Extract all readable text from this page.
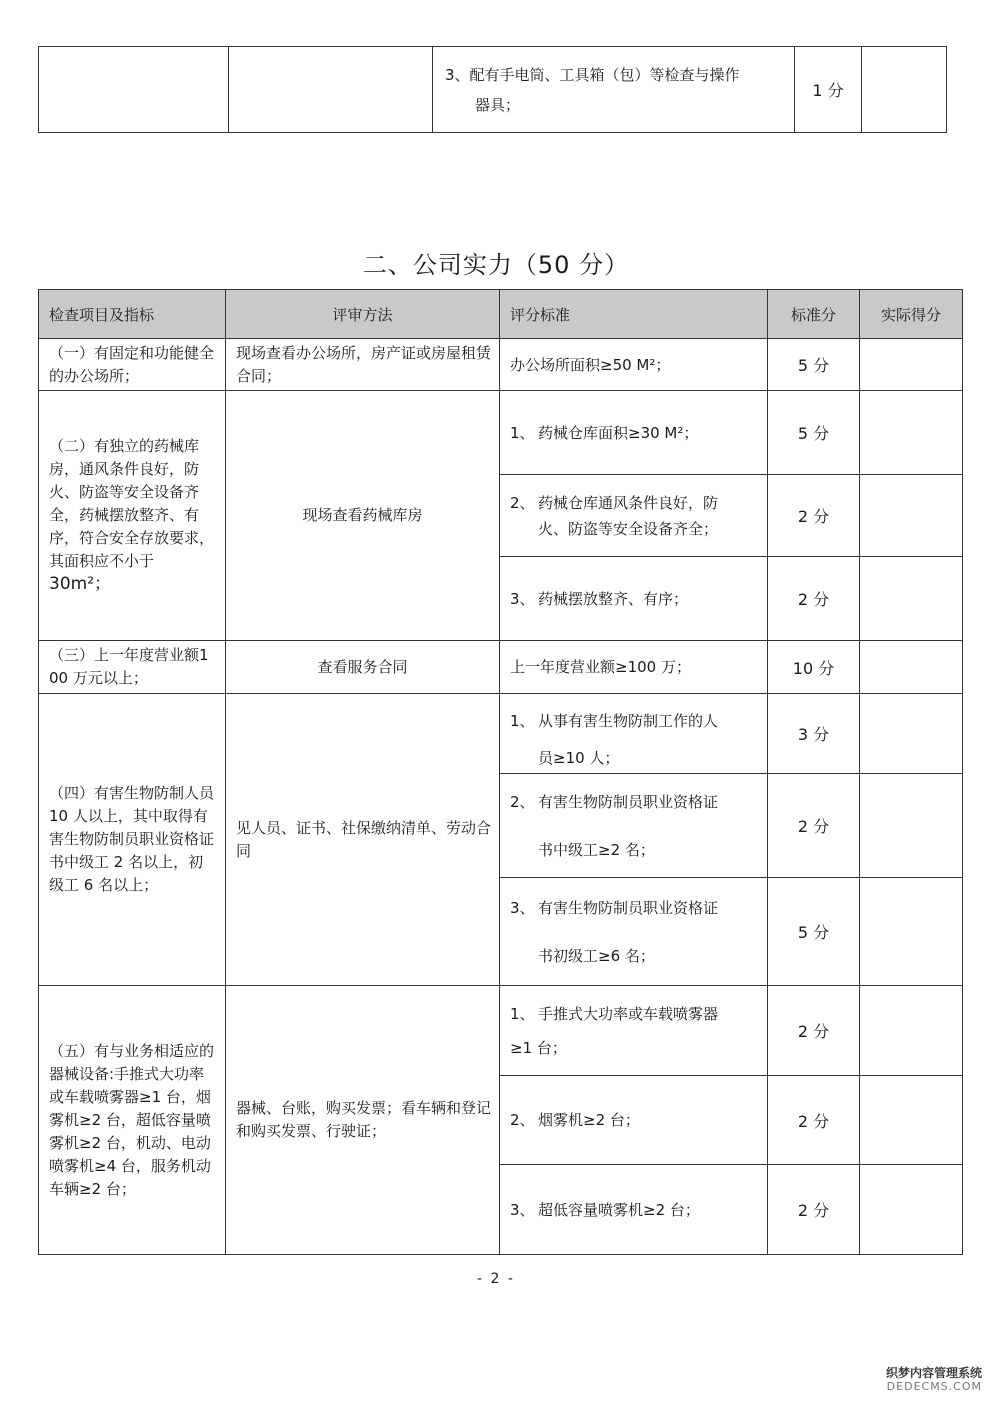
3、配有手电筒、工具箱（包）等检查与操作
器具；
	1 分	
二、公司实力（50 分）
检查项目及指标	评审方法	评分标准	标准分	实际得分
（一）有固定和功能健全的办公场所；	现场查看办公场所，房产证或房屋租赁合同；	办公场所面积≥50 M²；	5 分	
（二）有独立的药械库房，通风条件良好，防火、防盗等安全设备齐全，药械摆放整齐、有序，符合安全存放要求，其面积应不小于
30m²；	现场查看药械库房	1、 药械仓库面积≥30 M²；	5 分	
		2、 药械仓库通风条件良好，防
火、防盗等安全设备齐全；	2 分	
		3、 药械摆放整齐、有序；	2 分	
（三）上一年度营业额100 万元以上；	查看服务合同	上一年度营业额≥100 万；	10 分	
（四）有害生物防制人员 10 人以上，其中取得有害生物防制员职业资格证书中级工 2 名以上，初级工 6 名以上；	见人员、证书、社保缴纳清单、劳动合同	1、 从事有害生物防制工作的人
员≥10 人；	3 分	
		2、 有害生物防制员职业资格证
书中级工≥2 名；	2 分	
		3、 有害生物防制员职业资格证
书初级工≥6 名；	5 分	
（五）有与业务相适应的器械设备:手推式大功率或车载喷雾器≥1 台，烟雾机≥2 台，超低容量喷雾机≥2 台，机动、电动喷雾机≥4 台，服务机动车辆≥2 台；	器械、台账，购买发票；看车辆和登记和购买发票、行驶证；	1、 手推式大功率或车载喷雾器
≥1 台；	2 分	
		2、 烟雾机≥2 台；	2 分	
		3、 超低容量喷雾机≥2 台；	2 分	
- 2 -
织梦内容管理系统
DEDECMS.COM
